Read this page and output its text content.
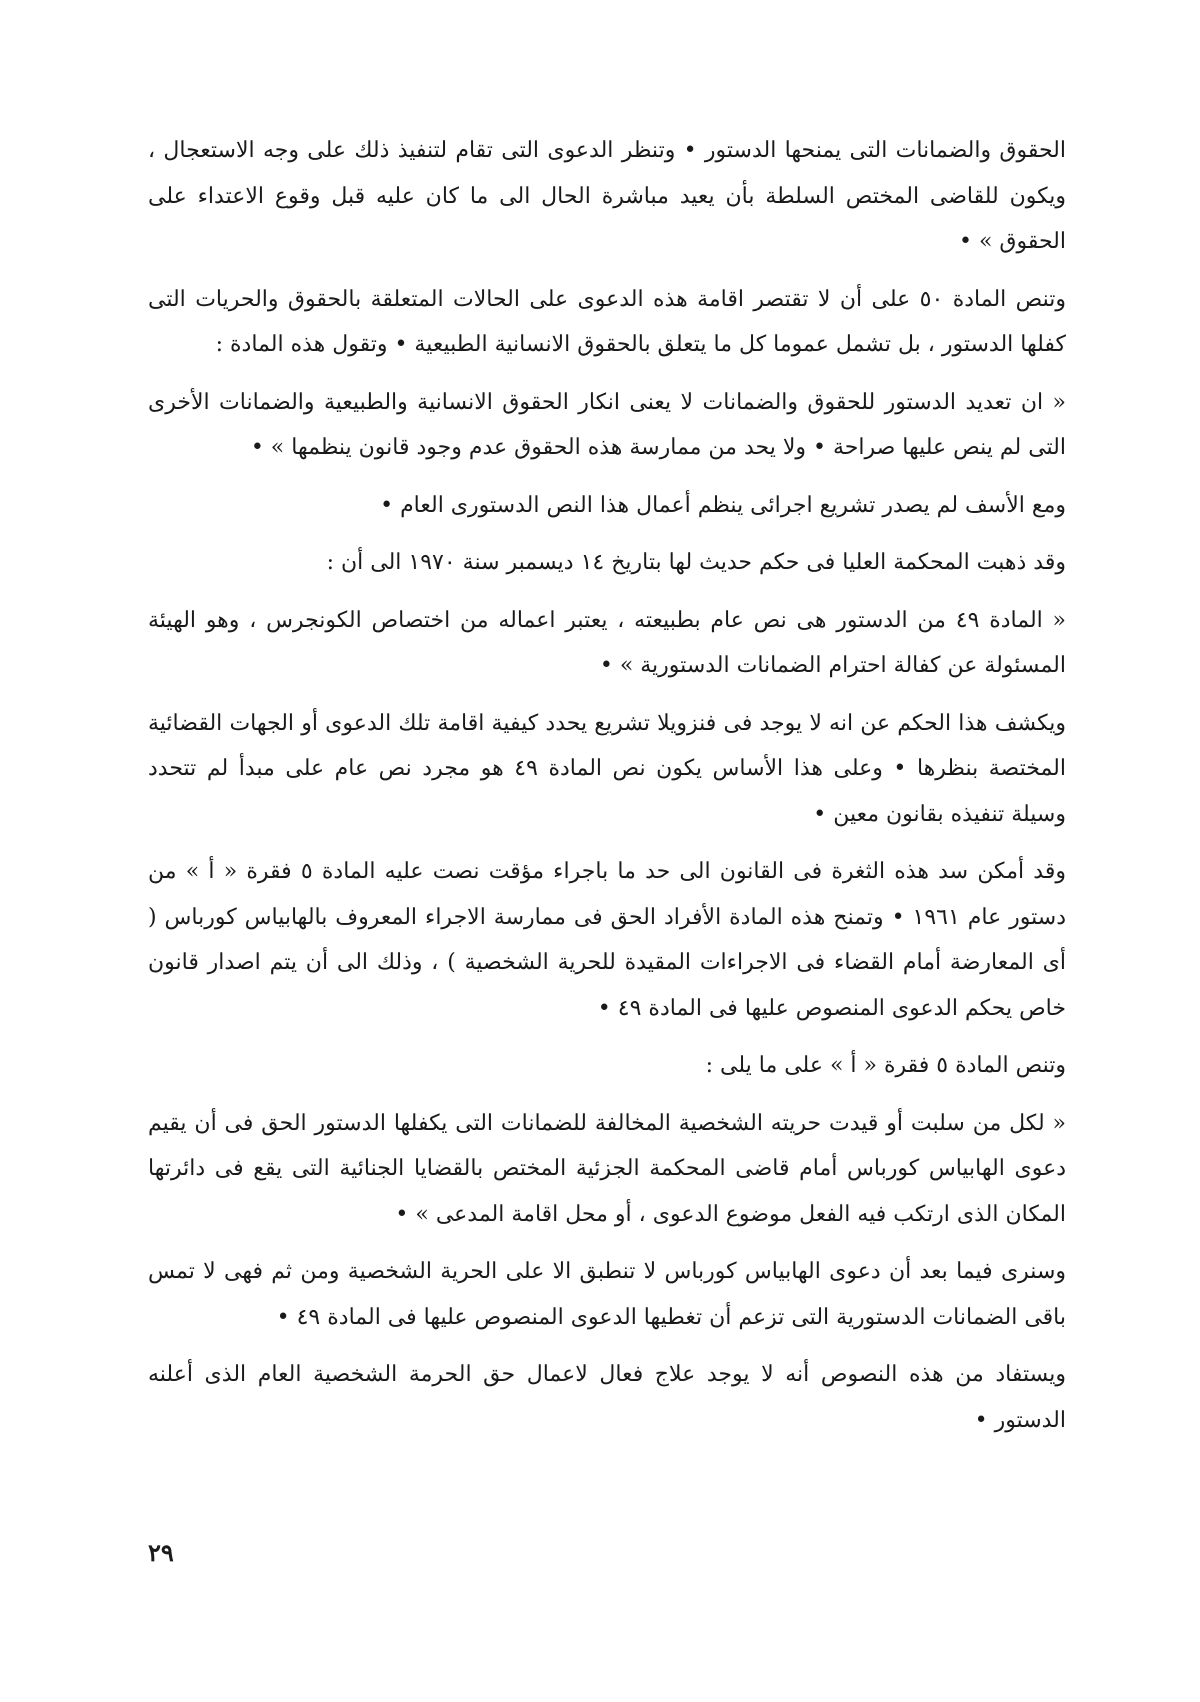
الحقوق والضمانات التى يمنحها الدستور • وتنظر الدعوى التى تقام لتنفيذ ذلك على وجه الاستعجال ، ويكون للقاضى المختص السلطة بأن يعيد مباشرة الحال الى ما كان عليه قبل وقوع الاعتداء على الحقوق » •

وتنص المادة ٥٠ على أن لا تقتصر اقامة هذه الدعوى على الحالات المتعلقة بالحقوق والحريات التى كفلها الدستور ، بل تشمل عموما كل ما يتعلق بالحقوق الانسانية الطبيعية • وتقول هذه المادة :

« ان تعديد الدستور للحقوق والضمانات لا يعنى انكار الحقوق الانسانية والطبيعية والضمانات الأخرى التى لم ينص عليها صراحة • ولا يحد من ممارسة هذه الحقوق عدم وجود قانون ينظمها » •

ومع الأسف لم يصدر تشريع اجرائى ينظم أعمال هذا النص الدستورى العام •

وقد ذهبت المحكمة العليا فى حكم حديث لها بتاريخ ١٤ ديسمبر سنة ١٩٧٠ الى أن :

« المادة ٤٩ من الدستور هى نص عام بطبيعته ، يعتبر اعماله من اختصاص الكونجرس ، وهو الهيئة المسئولة عن كفالة احترام الضمانات الدستورية » •

ويكشف هذا الحكم عن انه لا يوجد فى فنزويلا تشريع يحدد كيفية اقامة تلك الدعوى أو الجهات القضائية المختصة بنظرها • وعلى هذا الأساس يكون نص المادة ٤٩ هو مجرد نص عام على مبدأ لم تتحدد وسيلة تنفيذه بقانون معين •

وقد أمكن سد هذه الثغرة فى القانون الى حد ما باجراء مؤقت نصت عليه المادة ٥ فقرة « أ » من دستور عام ١٩٦١ • وتمنح هذه المادة الأفراد الحق فى ممارسة الاجراء المعروف بالهابياس كورباس ( أى المعارضة أمام القضاء فى الاجراءات المقيدة للحرية الشخصية ) ، وذلك الى أن يتم اصدار قانون خاص يحكم الدعوى المنصوص عليها فى المادة ٤٩ •

وتنص المادة ٥ فقرة « أ » على ما يلى :

« لكل من سلبت أو قيدت حريته الشخصية المخالفة للضمانات التى يكفلها الدستور الحق فى أن يقيم دعوى الهابياس كورباس أمام قاضى المحكمة الجزئية المختص بالقضايا الجنائية التى يقع فى دائرتها المكان الذى ارتكب فيه الفعل موضوع الدعوى ، أو محل اقامة المدعى » •

وسنرى فيما بعد أن دعوى الهابياس كورباس لا تنطبق الا على الحرية الشخصية ومن ثم فهى لا تمس باقى الضمانات الدستورية التى تزعم أن تغطيها الدعوى المنصوص عليها فى المادة ٤٩ •

ويستفاد من هذه النصوص أنه لا يوجد علاج فعال لاعمال حق الحرمة الشخصية العام الذى أعلنه الدستور •

٢٩
